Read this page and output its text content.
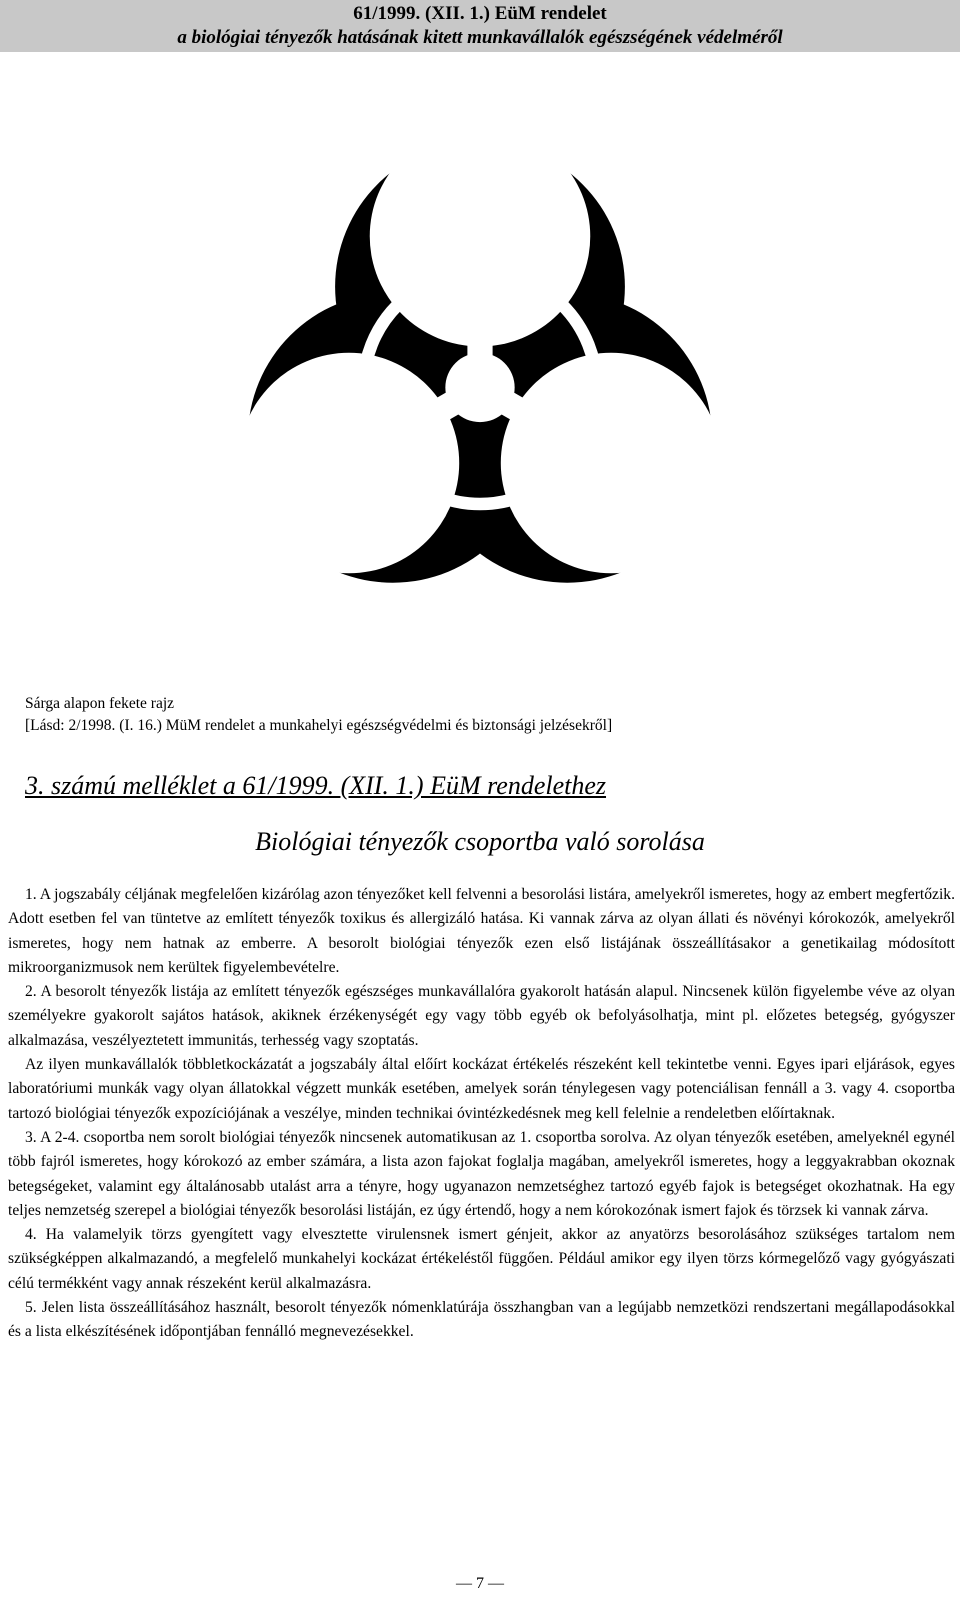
61/1999. (XII. 1.) EüM rendelet
a biológiai tényezők hatásának kitett munkavállalók egészségének védelméről
Sárga alapon fekete rajz
[Lásd: 2/1998. (I. 16.) MüM rendelet a munkahelyi egészségvédelmi és biztonsági jelzésekről]
3. számú melléklet a 61/1999. (XII. 1.) EüM rendelethez
Biológiai tényezők csoportba való sorolása

1. A jogszabály céljának megfelelően kizárólag azon tényezőket kell felvenni a besorolási listára, amelyekről ismeretes, hogy az embert megfertőzik. Adott esetben fel van tüntetve az említett tényezők toxikus és allergizáló hatása. Ki vannak zárva az olyan állati és növényi kórokozók, amelyekről ismeretes, hogy nem hatnak az emberre. A besorolt biológiai tényezők ezen első listájának összeállításakor a genetikailag módosított mikroorganizmusok nem kerültek figyelembevételre.

2. A besorolt tényezők listája az említett tényezők egészséges munkavállalóra gyakorolt hatásán alapul. Nincsenek külön figyelembe véve az olyan személyekre gyakorolt sajátos hatások, akiknek érzékenységét egy vagy több egyéb ok befolyásolhatja, mint pl. előzetes betegség, gyógyszer alkalmazása, veszélyeztetett immunitás, terhesség vagy szoptatás.

Az ilyen munkavállalók többletkockázatát a jogszabály által előírt kockázat értékelés részeként kell tekintetbe venni. Egyes ipari eljárások, egyes laboratóriumi munkák vagy olyan állatokkal végzett munkák esetében, amelyek során ténylegesen vagy potenciálisan fennáll a 3. vagy 4. csoportba tartozó biológiai tényezők expozíciójának a veszélye, minden technikai óvintézkedésnek meg kell felelnie a rendeletben előírtaknak.

3. A 2-4. csoportba nem sorolt biológiai tényezők nincsenek automatikusan az 1. csoportba sorolva. Az olyan tényezők esetében, amelyeknél egynél több fajról ismeretes, hogy kórokozó az ember számára, a lista azon fajokat foglalja magában, amelyekről ismeretes, hogy a leggyakrabban okoznak betegségeket, valamint egy általánosabb utalást arra a tényre, hogy ugyanazon nemzetséghez tartozó egyéb fajok is betegséget okozhatnak. Ha egy teljes nemzetség szerepel a biológiai tényezők besorolási listáján, ez úgy értendő, hogy a nem kórokozónak ismert fajok és törzsek ki vannak zárva.

4. Ha valamelyik törzs gyengített vagy elvesztette virulensnek ismert génjeit, akkor az anyatörzs besorolásához szükséges tartalom nem szükségképpen alkalmazandó, a megfelelő munkahelyi kockázat értékeléstől függően. Például amikor egy ilyen törzs kórmegelőző vagy gyógyászati célú termékként vagy annak részeként kerül alkalmazásra.

5. Jelen lista összeállításához használt, besorolt tényezők nómenklatúrája összhangban van a legújabb nemzetközi rendszertani megállapodásokkal és a lista elkészítésének időpontjában fennálló megnevezésekkel.

— 7 —
